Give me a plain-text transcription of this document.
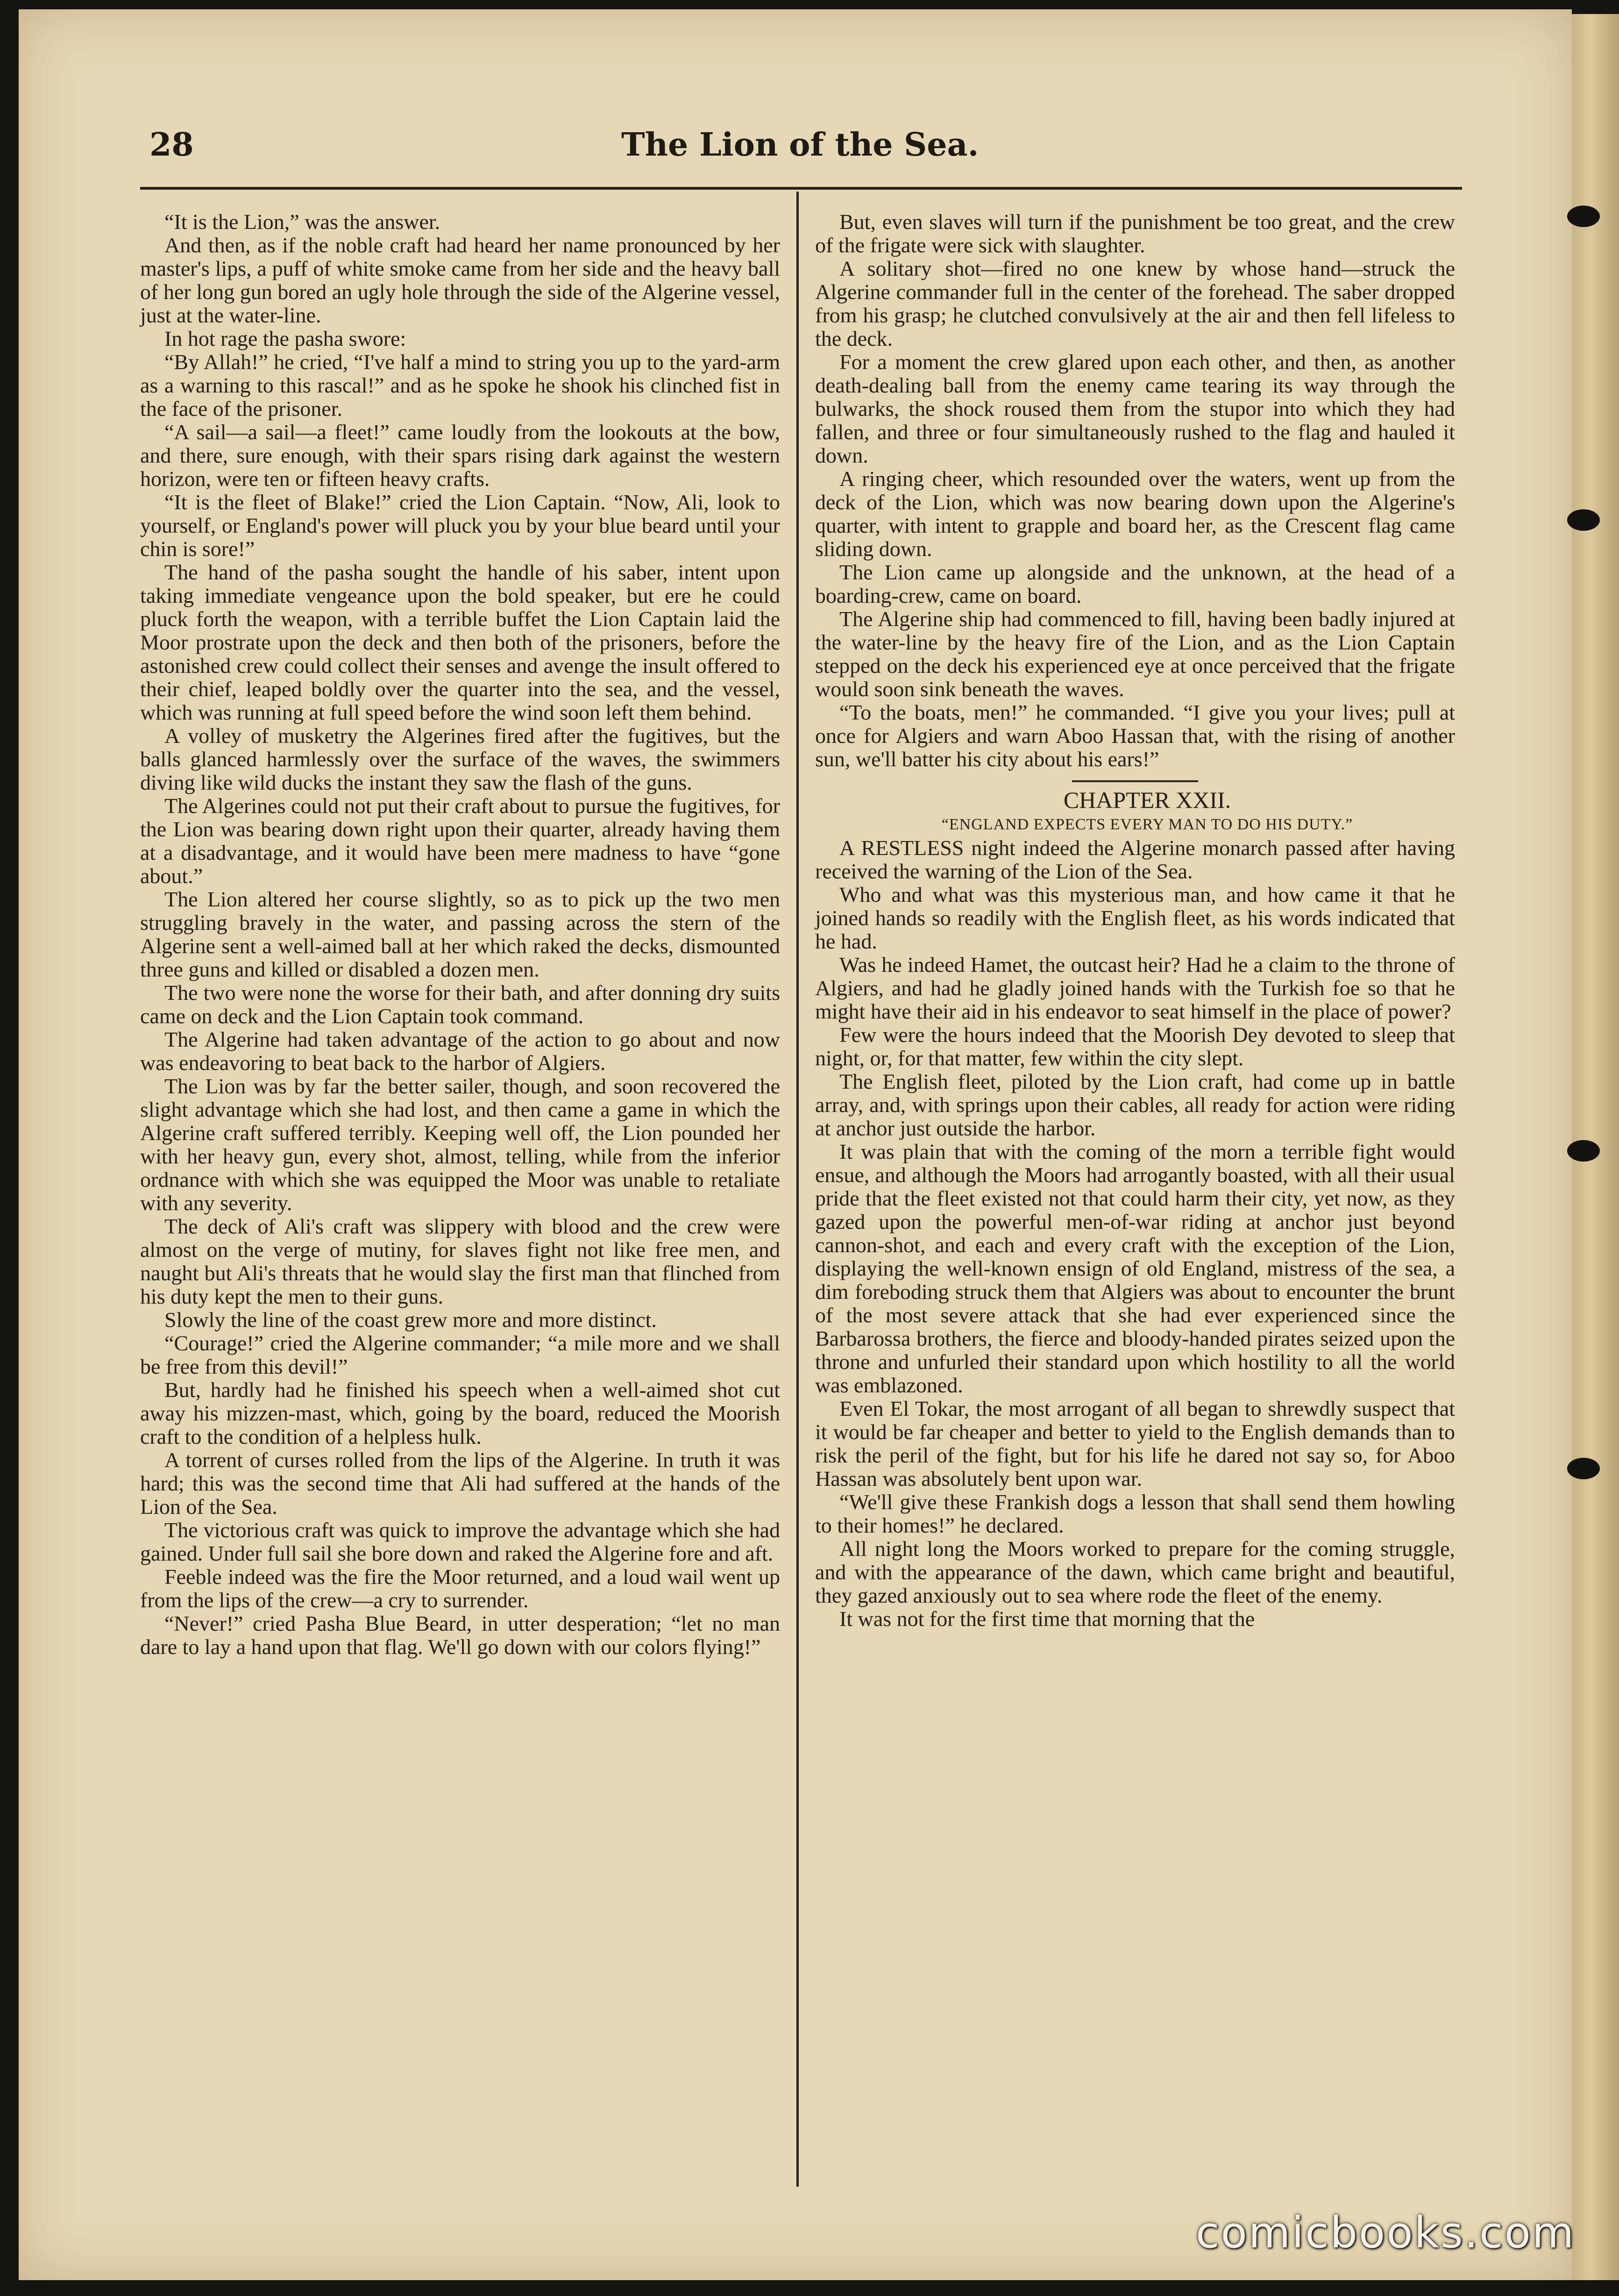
28	The Lion of the Sea.

“It is the Lion,” was the answer.

And then, as if the noble craft had heard her name pronounced by her master's lips, a puff of white smoke came from her side and the heavy ball of her long gun bored an ugly hole through the side of the Algerine vessel, just at the water-line.

In hot rage the pasha swore:

“By Allah!” he cried, “I've half a mind to string you up to the yard-arm as a warning to this rascal!” and as he spoke he shook his clinched fist in the face of the prisoner.

“A sail—a sail—a fleet!” came loudly from the lookouts at the bow, and there, sure enough, with their spars rising dark against the western horizon, were ten or fifteen heavy crafts.

“It is the fleet of Blake!” cried the Lion Captain. “Now, Ali, look to yourself, or England's power will pluck you by your blue beard until your chin is sore!”

The hand of the pasha sought the handle of his saber, intent upon taking immediate vengeance upon the bold speaker, but ere he could pluck forth the weapon, with a terrible buffet the Lion Captain laid the Moor prostrate upon the deck and then both of the prisoners, before the astonished crew could collect their senses and avenge the insult offered to their chief, leaped boldly over the quarter into the sea, and the vessel, which was running at full speed before the wind soon left them behind.

A volley of musketry the Algerines fired after the fugitives, but the balls glanced harmlessly over the surface of the waves, the swimmers diving like wild ducks the instant they saw the flash of the guns.

The Algerines could not put their craft about to pursue the fugitives, for the Lion was bearing down right upon their quarter, already having them at a disadvantage, and it would have been mere madness to have “gone about.”

The Lion altered her course slightly, so as to pick up the two men struggling bravely in the water, and passing across the stern of the Algerine sent a well-aimed ball at her which raked the decks, dismounted three guns and killed or disabled a dozen men.

The two were none the worse for their bath, and after donning dry suits came on deck and the Lion Captain took command.

The Algerine had taken advantage of the action to go about and now was endeavoring to beat back to the harbor of Algiers.

The Lion was by far the better sailer, though, and soon recovered the slight advantage which she had lost, and then came a game in which the Algerine craft suffered terribly. Keeping well off, the Lion pounded her with her heavy gun, every shot, almost, telling, while from the inferior ordnance with which she was equipped the Moor was unable to retaliate with any severity.

The deck of Ali's craft was slippery with blood and the crew were almost on the verge of mutiny, for slaves fight not like free men, and naught but Ali's threats that he would slay the first man that flinched from his duty kept the men to their guns.

Slowly the line of the coast grew more and more distinct.

“Courage!” cried the Algerine commander; “a mile more and we shall be free from this devil!”

But, hardly had he finished his speech when a well-aimed shot cut away his mizzen-mast, which, going by the board, reduced the Moorish craft to the condition of a helpless hulk.

A torrent of curses rolled from the lips of the Algerine. In truth it was hard; this was the second time that Ali had suffered at the hands of the Lion of the Sea.

The victorious craft was quick to improve the advantage which she had gained. Under full sail she bore down and raked the Algerine fore and aft.

Feeble indeed was the fire the Moor returned, and a loud wail went up from the lips of the crew—a cry to surrender.

“Never!” cried Pasha Blue Beard, in utter desperation; “let no man dare to lay a hand upon that flag. We'll go down with our colors flying!”

But, even slaves will turn if the punishment be too great, and the crew of the frigate were sick with slaughter.

A solitary shot—fired no one knew by whose hand—struck the Algerine commander full in the center of the forehead. The saber dropped from his grasp; he clutched convulsively at the air and then fell lifeless to the deck.

For a moment the crew glared upon each other, and then, as another death-dealing ball from the enemy came tearing its way through the bulwarks, the shock roused them from the stupor into which they had fallen, and three or four simultaneously rushed to the flag and hauled it down.

A ringing cheer, which resounded over the waters, went up from the deck of the Lion, which was now bearing down upon the Algerine's quarter, with intent to grapple and board her, as the Crescent flag came sliding down.

The Lion came up alongside and the unknown, at the head of a boarding-crew, came on board.

The Algerine ship had commenced to fill, having been badly injured at the water-line by the heavy fire of the Lion, and as the Lion Captain stepped on the deck his experienced eye at once perceived that the frigate would soon sink beneath the waves.

“To the boats, men!” he commanded. “I give you your lives; pull at once for Algiers and warn Aboo Hassan that, with the rising of another sun, we'll batter his city about his ears!”

CHAPTER XXII.

“ENGLAND EXPECTS EVERY MAN TO DO HIS DUTY.”

A RESTLESS night indeed the Algerine monarch passed after having received the warning of the Lion of the Sea.

Who and what was this mysterious man, and how came it that he joined hands so readily with the English fleet, as his words indicated that he had.

Was he indeed Hamet, the outcast heir? Had he a claim to the throne of Algiers, and had he gladly joined hands with the Turkish foe so that he might have their aid in his endeavor to seat himself in the place of power?

Few were the hours indeed that the Moorish Dey devoted to sleep that night, or, for that matter, few within the city slept.

The English fleet, piloted by the Lion craft, had come up in battle array, and, with springs upon their cables, all ready for action were riding at anchor just outside the harbor.

It was plain that with the coming of the morn a terrible fight would ensue, and although the Moors had arrogantly boasted, with all their usual pride that the fleet existed not that could harm their city, yet now, as they gazed upon the powerful men-of-war riding at anchor just beyond cannon-shot, and each and every craft with the exception of the Lion, displaying the well-known ensign of old England, mistress of the sea, a dim foreboding struck them that Algiers was about to encounter the brunt of the most severe attack that she had ever experienced since the Barbarossa brothers, the fierce and bloody-handed pirates seized upon the throne and unfurled their standard upon which hostility to all the world was emblazoned.

Even El Tokar, the most arrogant of all began to shrewdly suspect that it would be far cheaper and better to yield to the English demands than to risk the peril of the fight, but for his life he dared not say so, for Aboo Hassan was absolutely bent upon war.

“We'll give these Frankish dogs a lesson that shall send them howling to their homes!” he declared.

All night long the Moors worked to prepare for the coming struggle, and with the appearance of the dawn, which came bright and beautiful, they gazed anxiously out to sea where rode the fleet of the enemy.

It was not for the first time that morning that the

comicbooks.com
